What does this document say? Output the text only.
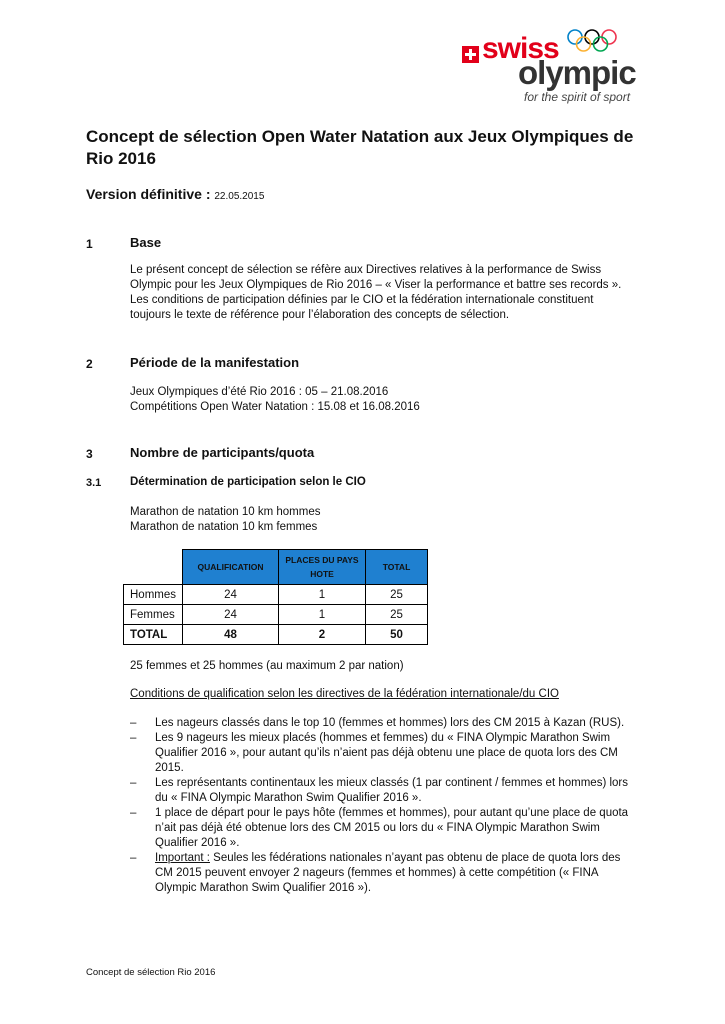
swiss
olympic
for the spirit of sport
Concept de sélection Open Water Natation aux Jeux Olympiques de Rio 2016
Version définitive : 22.05.2015
1	Base
Le présent concept de sélection se réfère aux Directives relatives à la performance de Swiss Olympic pour les Jeux Olympiques de Rio 2016 – « Viser la performance et battre ses records ». Les conditions de participation définies par le CIO et la fédération internationale constituent toujours le texte de référence pour l’élaboration des concepts de sélection.
2	Période de la manifestation
Jeux Olympiques d’été Rio 2016 : 05 – 21.08.2016
Compétitions Open Water Natation : 15.08 et 16.08.2016
3	Nombre de participants/quota
3.1 Détermination de participation selon le CIO
Marathon de natation 10 km hommes
Marathon de natation 10 km femmes
	QUALIFICATION	PLACES DU PAYS HOTE	TOTAL
Hommes	24	1	25
Femmes	24	1	25
TOTAL	48	2	50
25 femmes et 25 hommes (au maximum 2 par nation)
Conditions de qualification selon les directives de la fédération internationale/du CIO
– Les nageurs classés dans le top 10 (femmes et hommes) lors des CM 2015 à Kazan (RUS).
– Les 9 nageurs les mieux placés (hommes et femmes) du « FINA Olympic Marathon Swim Qualifier 2016 », pour autant qu’ils n’aient pas déjà obtenu une place de quota lors des CM 2015.
– Les représentants continentaux les mieux classés (1 par continent / femmes et hommes) lors du « FINA Olympic Marathon Swim Qualifier 2016 ».
– 1 place de départ pour le pays hôte (femmes et hommes), pour autant qu’une place de quota n’ait pas déjà été obtenue lors des CM 2015 ou lors du « FINA Olympic Marathon Swim Qualifier 2016 ».
– Important : Seules les fédérations nationales n’ayant pas obtenu de place de quota lors des CM 2015 peuvent envoyer 2 nageurs (femmes et hommes) à cette compétition (« FINA Olympic Marathon Swim Qualifier 2016 »).
Concept de sélection Rio 2016
